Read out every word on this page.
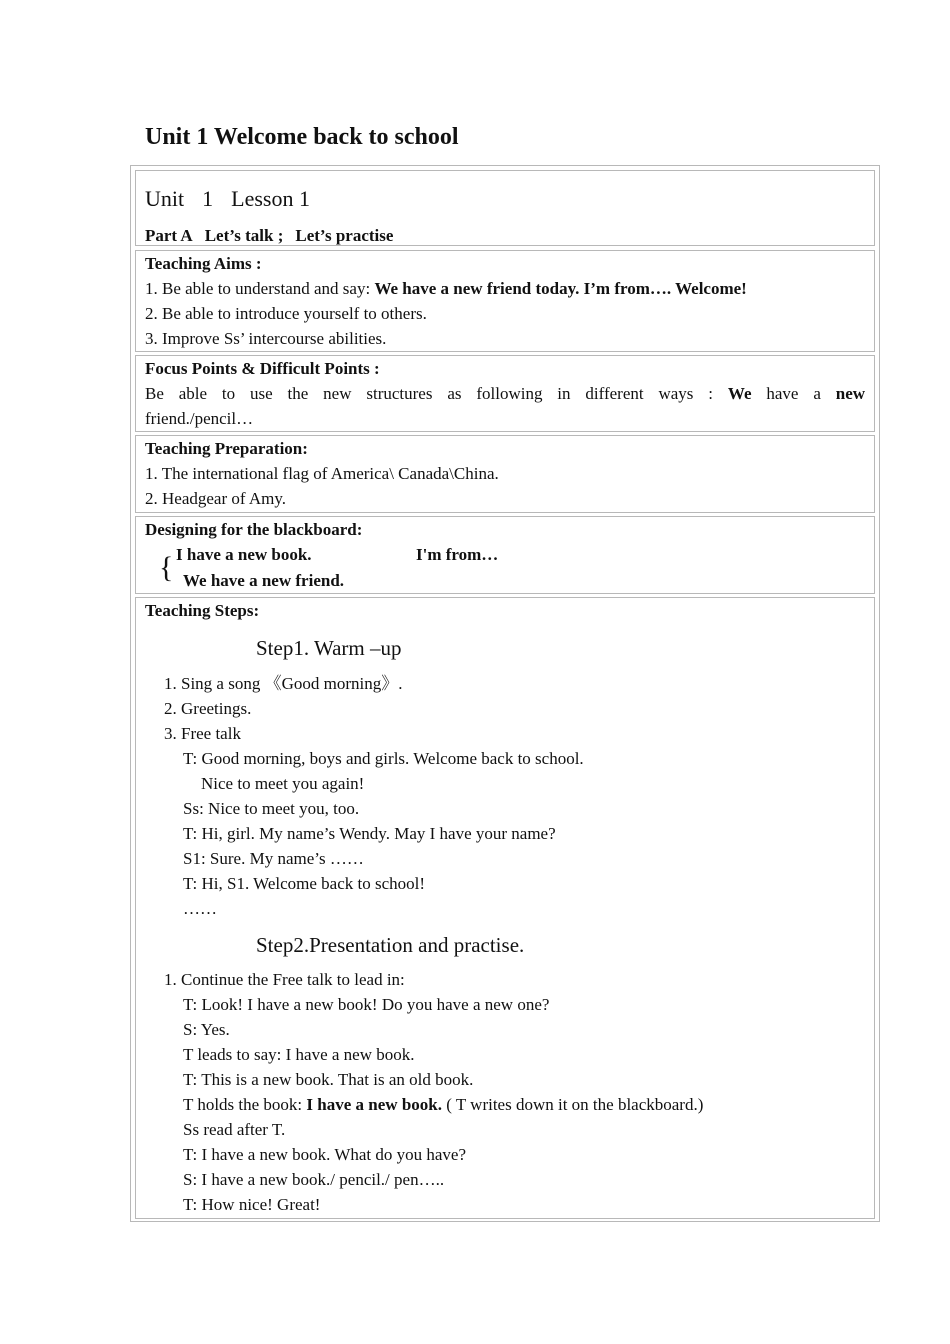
Unit 1 Welcome back to school
Unit 1 Lesson 1
Part A Let’s talk ; Let’s practise
Teaching Aims :
1. Be able to understand and say: We have a new friend today. I’m from…. Welcome!
2. Be able to introduce yourself to others.
3. Improve Ss’ intercourse abilities.
Focus Points & Difficult Points :
Be able to use the new structures as following in different ways : We have a new
friend./pencil…
Teaching Preparation:
1. The international flag of America\ Canada\China.
2. Headgear of Amy.
Designing for the blackboard:
{ I have a new book.	I'm from…
We have a new friend.
Teaching Steps:
Step1. Warm –up
1. Sing a song 《Good morning》.
2. Greetings.
3. Free talk
T: Good morning, boys and girls. Welcome back to school.
Nice to meet you again!
Ss: Nice to meet you, too.
T: Hi, girl. My name’s Wendy. May I have your name?
S1: Sure. My name’s ……
T: Hi, S1. Welcome back to school!
……
Step2.Presentation and practise.
1. Continue the Free talk to lead in:
T: Look! I have a new book! Do you have a new one?
S: Yes.
T leads to say: I have a new book.
T: This is a new book. That is an old book.
T holds the book: I have a new book. ( T writes down it on the blackboard.)
Ss read after T.
T: I have a new book. What do you have?
S: I have a new book./ pencil./ pen…..
T: How nice! Great!
